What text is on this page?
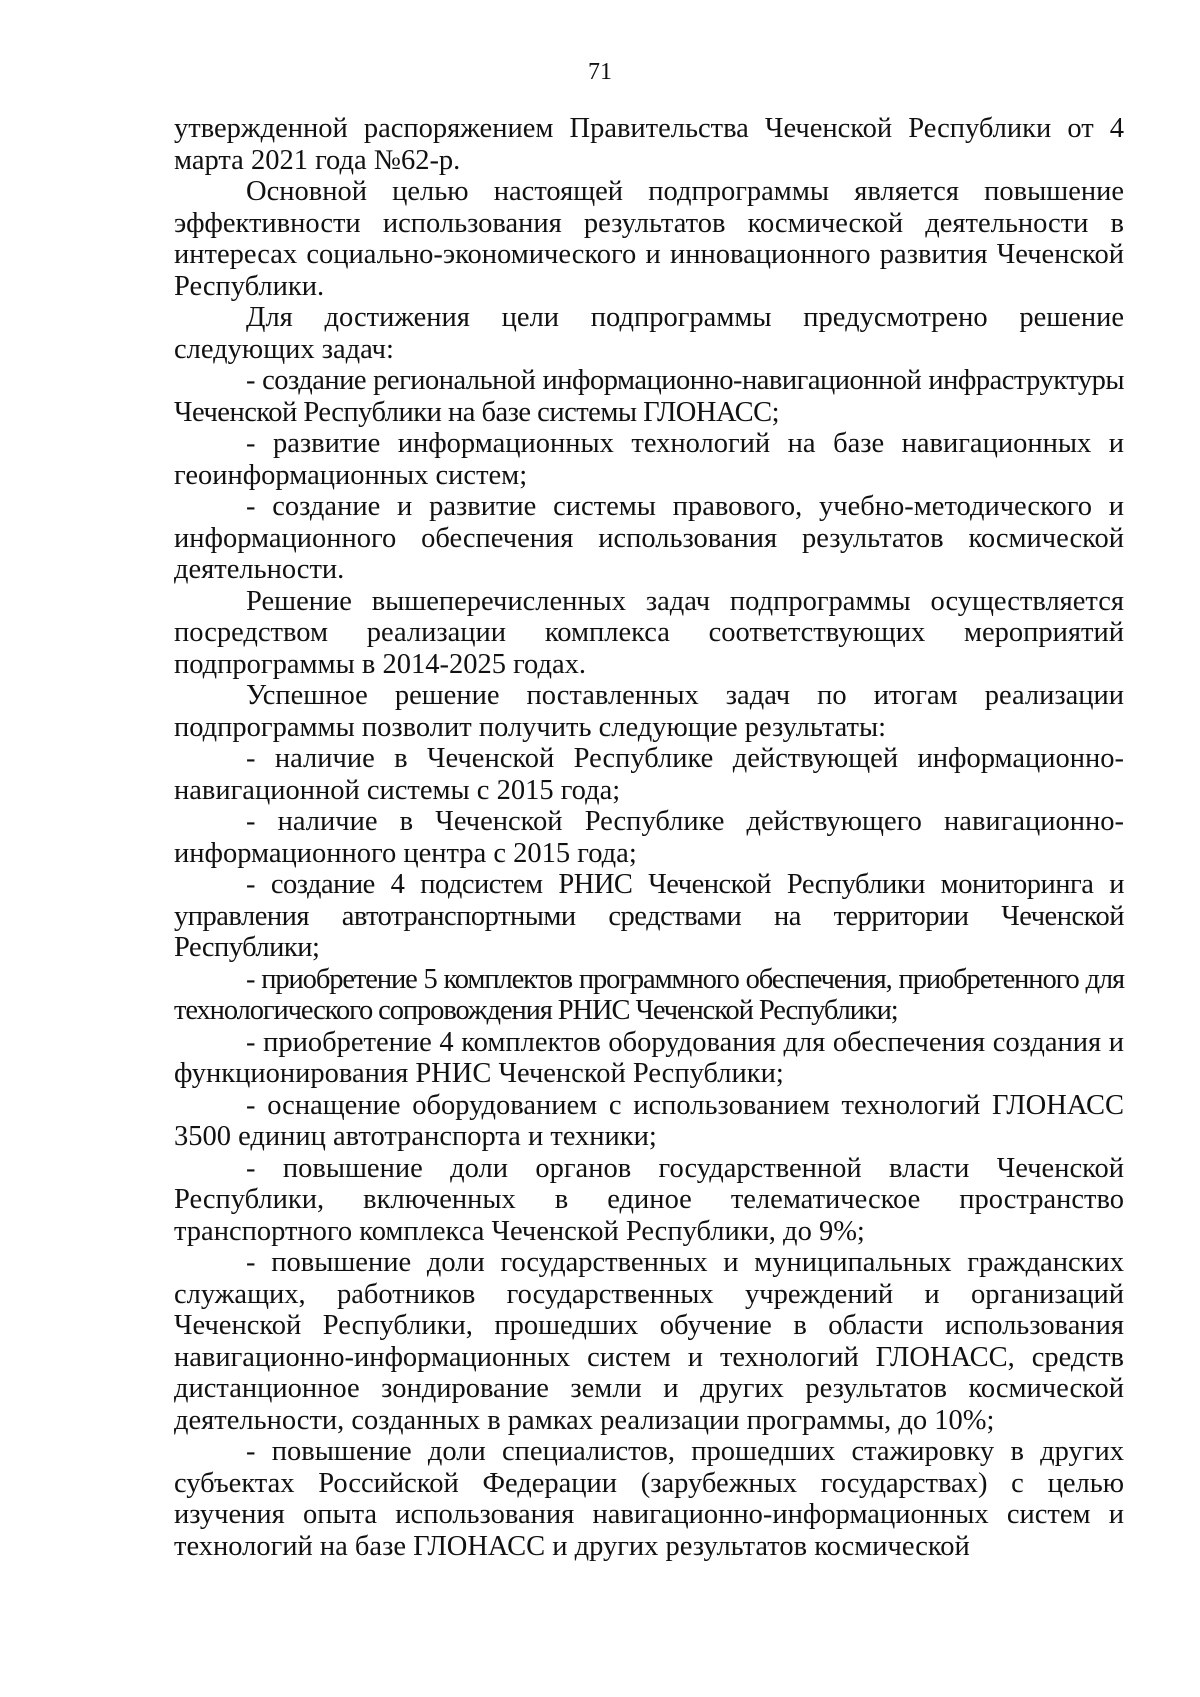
71

утвержденной распоряжением Правительства Чеченской Республики от 4 марта 2021 года №62-р.

Основной целью настоящей подпрограммы является повышение эффективности использования результатов космической деятельности в интересах социально-экономического и инновационного развития Чеченской Республики.

Для достижения цели подпрограммы предусмотрено решение следующих задач:

- создание региональной информационно-навигационной инфраструктуры Чеченской Республики на базе системы ГЛОНАСС;

- развитие информационных технологий на базе навигационных и геоинформационных систем;

- создание и развитие системы правового, учебно-методического и информационного обеспечения использования результатов космической деятельности.

Решение вышеперечисленных задач подпрограммы осуществляется посредством реализации комплекса соответствующих мероприятий подпрограммы в 2014-2025 годах.

Успешное решение поставленных задач по итогам реализации подпрограммы позволит получить следующие результаты:

- наличие в Чеченской Республике действующей информационно-навигационной системы с 2015 года;

- наличие в Чеченской Республике действующего навигационно-информационного центра с 2015 года;

- создание 4 подсистем РНИС Чеченской Республики мониторинга и управления автотранспортными средствами на территории Чеченской Республики;

- приобретение 5 комплектов программного обеспечения, приобретенного для технологического сопровождения РНИС Чеченской Республики;

- приобретение 4 комплектов оборудования для обеспечения создания и функционирования РНИС Чеченской Республики;

- оснащение оборудованием с использованием технологий ГЛОНАСС 3500 единиц автотранспорта и техники;

- повышение доли органов государственной власти Чеченской Республики, включенных в единое телематическое пространство транспортного комплекса Чеченской Республики, до 9%;

- повышение доли государственных и муниципальных гражданских служащих, работников государственных учреждений и организаций Чеченской Республики, прошедших обучение в области использования навигационно-информационных систем и технологий ГЛОНАСС, средств дистанционное зондирование земли и других результатов космической деятельности, созданных в рамках реализации программы, до 10%;

- повышение доли специалистов, прошедших стажировку в других субъектах Российской Федерации (зарубежных государствах) с целью изучения опыта использования навигационно-информационных систем и технологий на базе ГЛОНАСС и других результатов космической
